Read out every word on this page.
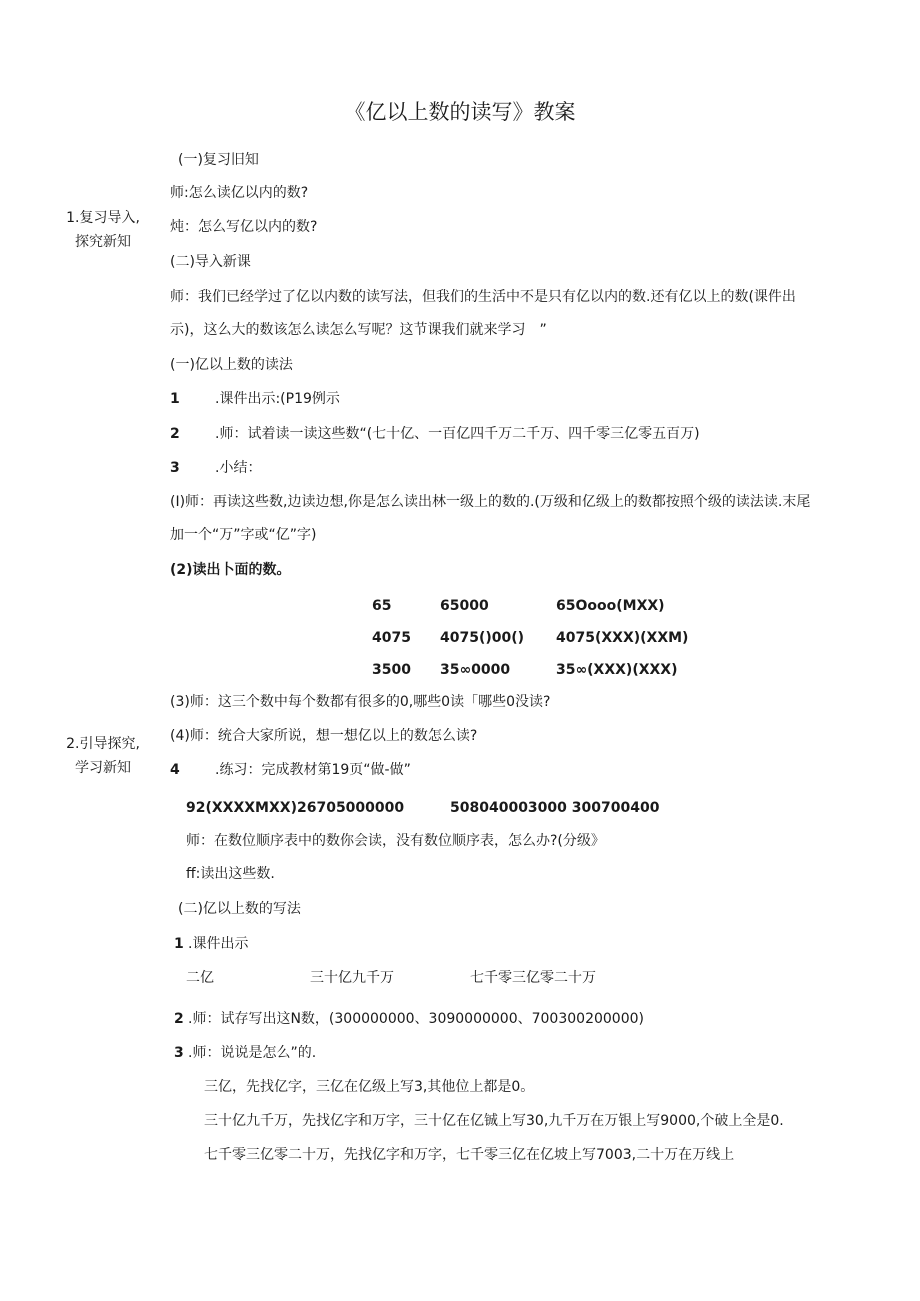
《亿以上数的读写》教案
1.复习导入,
探究新知
2.引导探究,
学习新知
(一)复习旧知
师:怎么读亿以内的数?
炖：怎么写亿以内的数?
(二)导入新课
师：我们已经学过了亿以内数的读写法，但我们的生活中不是只有亿以内的数.还有亿以上的数(课件出
示)，这么大的数该怎么读怎么写呢？这节课我们就来学习　”
(一)亿以上数的读法
1	.课件出示:(P19例示
2	.师：试着读一读这些数“(七十亿、一百亿四千万二千万、四千零三亿零五百万)
3	.小结：
(I)师：再读这些数,边读边想,你是怎么读出林一级上的数的.(万级和亿级上的数都按照个级的读法读.末尾
加一个“万”字或“亿”字)
(2)读出卜面的数。
65	65000	65Oooo(MXX)
4075 4075()00() 4075(XXX)(XXM)
3500 35∞0000	35∞(XXX)(XXX)
(3)师：这三个数中每个数都有很多的0,哪些0读「哪些0没读?
(4)师：统合大家所说，想一想亿以上的数怎么读?
4	.练习：完成教材第19页“做-做”
92(XXXXMXX)26705000000	508040003000 300700400
师：在数位顺序表中的数你会读，没有数位顺序表，怎么办?(分级》
ff:读出这些数.
(二)亿以上数的写法
1 .课件出示
二亿	三十亿九千万	七千零三亿零二十万
2 .师：试存写出这N数，(300000000、3090000000、700300200000)
3 .师：说说是怎么”的.
三亿，先找亿字，三亿在亿级上写3,其他位上都是0。
三十亿九千万，先找亿字和万字，三十亿在亿铖上写30,九千万在万银上写9000,个破上全是0.
七千零三亿零二十万，先找亿字和万字，七千零三亿在亿坡上写7003,二十万在万线上
